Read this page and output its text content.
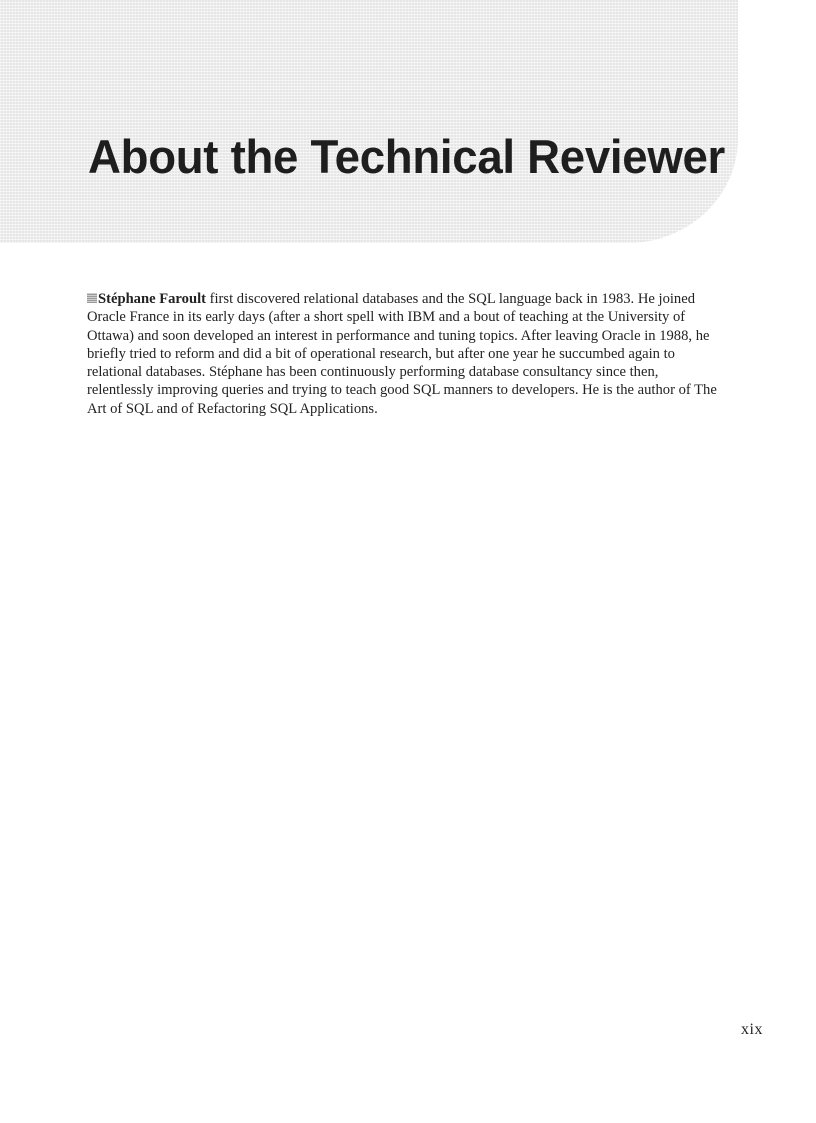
About the Technical Reviewer

Stéphane Faroult first discovered relational databases and the SQL language back in 1983. He joined Oracle France in its early days (after a short spell with IBM and a bout of teaching at the University of Ottawa) and soon developed an interest in performance and tuning topics. After leaving Oracle in 1988, he briefly tried to reform and did a bit of operational research, but after one year he succumbed again to relational databases. Stéphane has been continuously performing database consultancy since then, relentlessly improving queries and trying to teach good SQL manners to developers. He is the author of The Art of SQL and of Refactoring SQL Applications.

xix
